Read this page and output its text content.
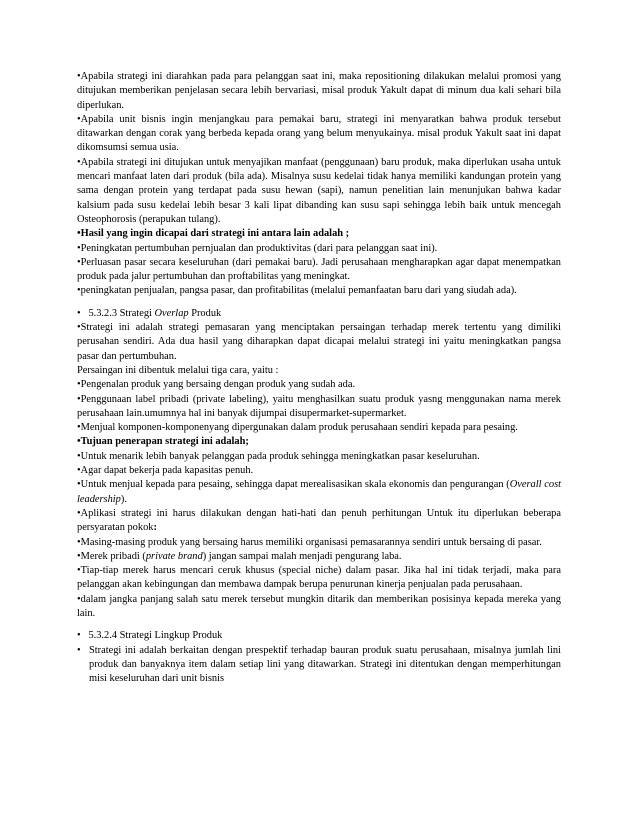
•Apabila strategi ini diarahkan pada para pelanggan saat ini, maka repositioning dilakukan melalui promosi yang ditujukan memberikan penjelasan secara lebih bervariasi, misal produk Yakult dapat di minum dua kali sehari bila diperlukan.

•Apabila unit bisnis ingin menjangkau para pemakai baru, strategi ini menyaratkan bahwa produk tersebut ditawarkan dengan corak yang berbeda kepada orang yang belum menyukainya. misal produk Yakult saat ini dapat dikomsumsi semua usia.

•Apabila strategi ini ditujukan untuk menyajikan manfaat (penggunaan) baru produk, maka diperlukan usaha untuk mencari manfaat laten dari produk (bila ada). Misalnya susu kedelai tidak hanya memiliki kandungan protein yang sama dengan protein yang terdapat pada susu hewan (sapi), namun penelitian lain menunjukan bahwa kadar kalsium pada susu kedelai lebih besar 3 kali lipat dibanding kan susu sapi sehingga lebih baik untuk mencegah Osteophorosis (perapukan tulang).

•Hasil yang ingin dicapai dari strategi ini antara lain adalah ;

•Peningkatan pertumbuhan pernjualan dan produktivitas (dari para pelanggan saat ini).

•Perluasan pasar secara keseluruhan (dari pemakai baru). Jadi perusahaan mengharapkan agar dapat menempatkan produk pada jalur pertumbuhan dan proftabilitas yang meningkat.

•peningkatan penjualan, pangsa pasar, dan profitabilitas (melalui pemanfaatan baru dari yang siudah ada).

• 5.3.2.3 Strategi Overlap Produk

•Strategi ini adalah strategi pemasaran yang menciptakan persaingan terhadap merek tertentu yang dimiliki perusahan sendiri. Ada dua hasil yang diharapkan dapat dicapai melalui strategi ini yaitu meningkatkan pangsa pasar dan pertumbuhan.

Persaingan ini dibentuk melalui tiga cara, yaitu :

•Pengenalan produk yang bersaing dengan produk yang sudah ada.

•Penggunaan label pribadi (private labeling), yaitu menghasilkan suatu produk yasng menggunakan nama merek perusahaan lain.umumnya hal ini banyak dijumpai disupermarket-supermarket.

•Menjual komponen-komponenyang dipergunakan dalam produk perusahaan sendiri kepada para pesaing.

•Tujuan penerapan strategi ini adalah;

•Untuk menarik lebih banyak pelanggan pada produk sehingga meningkatkan pasar keseluruhan.

•Agar dapat bekerja pada kapasitas penuh.

•Untuk menjual kepada para pesaing, sehingga dapat merealisasikan skala ekonomis dan pengurangan (Overall cost leadership).

•Aplikasi strategi ini harus dilakukan dengan hati-hati dan penuh perhitungan Untuk itu diperlukan beberapa persyaratan pokok:

•Masing-masing produk yang bersaing harus memiliki organisasi pemasarannya sendiri untuk bersaing di pasar.

•Merek pribadi (private brand) jangan sampai malah menjadi pengurang laba.

•Tiap-tiap merek harus mencari ceruk khusus (special niche) dalam pasar. Jika hal ini tidak terjadi, maka para pelanggan akan kebingungan dan membawa dampak berupa penurunan kinerja penjualan pada perusahaan.

•dalam jangka panjang salah satu merek tersebut mungkin ditarik dan memberikan posisinya kepada mereka yang lain.

• 5.3.2.4 Strategi Lingkup Produk

• Strategi ini adalah berkaitan dengan prespektif terhadap bauran produk suatu perusahaan, misalnya jumlah lini produk dan banyaknya item dalam setiap lini yang ditawarkan. Strategi ini ditentukan dengan memperhitungan misi keseluruhan dari unit bisnis
